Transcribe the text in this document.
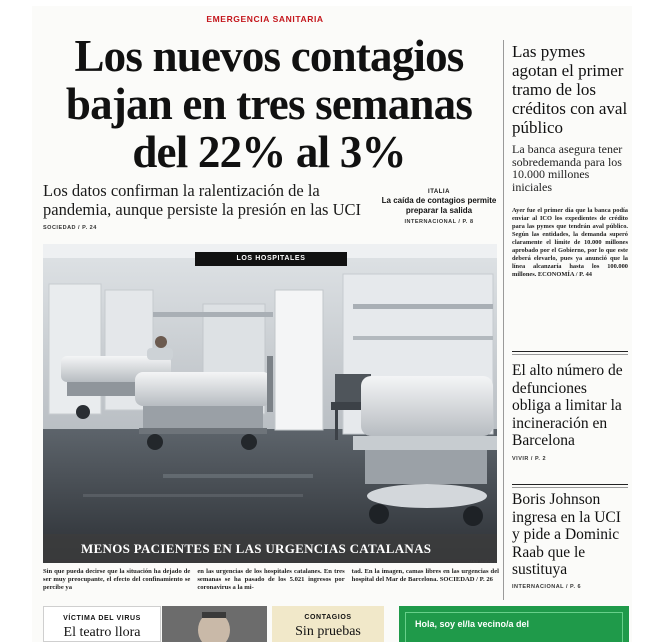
EMERGENCIA SANITARIA
Los nuevos contagios
bajan en tres semanas
del 22% al 3%
Los datos confirman la ralentización de la pandemia, aunque persiste la presión en las UCI
SOCIEDAD / P. 24
ITALIA
La caída de contagios permite preparar la salida
INTERNACIONAL / P. 8
LOS HOSPITALES
MENOS PACIENTES EN LAS URGENCIAS CATALANAS
ANA JIMÉNEZ
Sin que pueda decirse que la situación ha dejado de ser muy preocupante, el efecto del confinamiento se percibe ya
en las urgencias de los hospitales catalanes. En tres semanas se ha pasado de los 5.021 ingresos por coronavirus a la mi-
tad. En la imagen, camas libres en las urgencias del hospital del Mar de Barcelona. SOCIEDAD / P. 26
Las pymes agotan el primer tramo de los créditos con aval público
La banca asegura tener sobredemanda para los 10.000 millones iniciales
Ayer fue el primer día que la banca podía enviar al ICO los expedientes de crédito para las pymes que tendrán aval público. Según las entidades, la demanda superó claramente el límite de 10.000 millones aprobado por el Gobierno, por lo que este deberá elevarlo, pues ya anunció que la línea alcanzaría hasta los 100.000 millones. ECONOMÍA / P. 44
El alto número de defunciones obliga a limitar la incineración en Barcelona
VIVIR / P. 2
Boris Johnson ingresa en la UCI y pide a Dominic Raab que le sustituya
INTERNACIONAL / P. 6
VÍCTIMA DEL VIRUS
El teatro llora
CONTAGIOS
Sin pruebas	Hola, soy el/la vecino/a del
